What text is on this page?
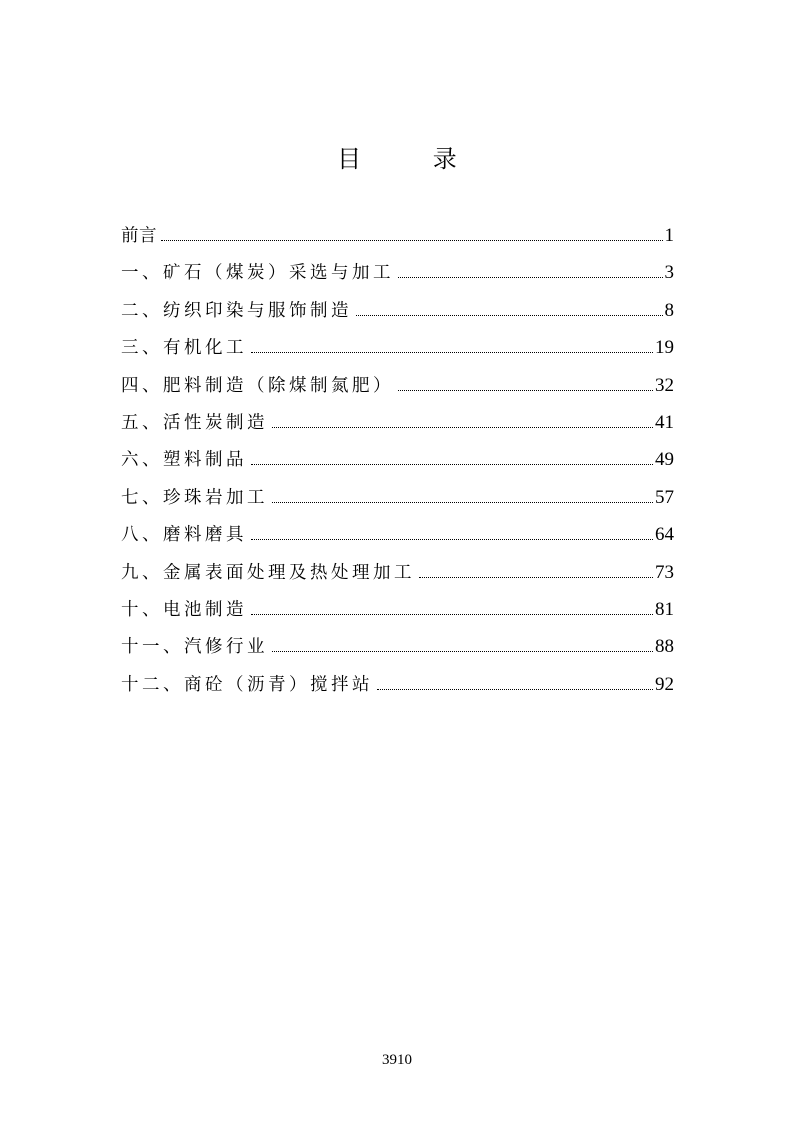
目 录
前言	1
一、矿石（煤炭）采选与加工	3
二、纺织印染与服饰制造	8
三、有机化工	19
四、肥料制造（除煤制氮肥）	32
五、活性炭制造	41
六、塑料制品	49
七、珍珠岩加工	57
八、磨料磨具	64
九、金属表面处理及热处理加工	73
十、电池制造	81
十一、汽修行业	88
十二、商砼（沥青）搅拌站	92
3910
